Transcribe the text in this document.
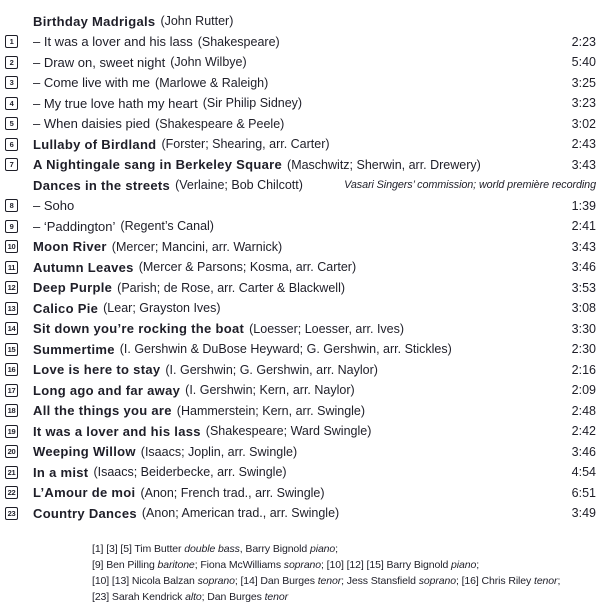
Birthday Madrigals (John Rutter)
1 – It was a lover and his lass (Shakespeare)	2:23
2 – Draw on, sweet night (John Wilbye)	5:40
3 – Come live with me (Marlowe & Raleigh)	3:25
4 – My true love hath my heart (Sir Philip Sidney)	3:23
5 – When daisies pied (Shakespeare & Peele)	3:02
6 Lullaby of Birdland (Forster; Shearing, arr. Carter)	2:43
7 A Nightingale sang in Berkeley Square (Maschwitz; Sherwin, arr. Drewery)	3:43
Dances in the streets (Verlaine; Bob Chilcott)	Vasari Singers’ commission; world première recording
8 – Soho	1:39
9 – ‘Paddington’ (Regent’s Canal)	2:41
10 Moon River (Mercer; Mancini, arr. Warnick)	3:43
11 Autumn Leaves (Mercer & Parsons; Kosma, arr. Carter)	3:46
12 Deep Purple (Parish; de Rose, arr. Carter & Blackwell)	3:53
13 Calico Pie (Lear; Grayston Ives)	3:08
14 Sit down you’re rocking the boat (Loesser; Loesser, arr. Ives)	3:30
15 Summertime (I. Gershwin & DuBose Heyward; G. Gershwin, arr. Stickles)	2:30
16 Love is here to stay (I. Gershwin; G. Gershwin, arr. Naylor)	2:16
17 Long ago and far away (I. Gershwin; Kern, arr. Naylor)	2:09
18 All the things you are (Hammerstein; Kern, arr. Swingle)	2:48
19 It was a lover and his lass (Shakespeare; Ward Swingle)	2:42
20 Weeping Willow (Isaacs; Joplin, arr. Swingle)	3:46
21 In a mist (Isaacs; Beiderbecke, arr. Swingle)	4:54
22 L’Amour de moi (Anon; French trad., arr. Swingle)	6:51
23 Country Dances (Anon; American trad., arr. Swingle)	3:49

[1] [3] [5] Tim Butter double bass, Barry Bignold piano;

[9] Ben Pilling baritone; Fiona McWilliams soprano; [10] [12] [15] Barry Bignold piano;

[10] [13] Nicola Balzan soprano; [14] Dan Burges tenor; Jess Stansfield soprano; [16] Chris Riley tenor;

[23] Sarah Kendrick alto; Dan Burges tenor
